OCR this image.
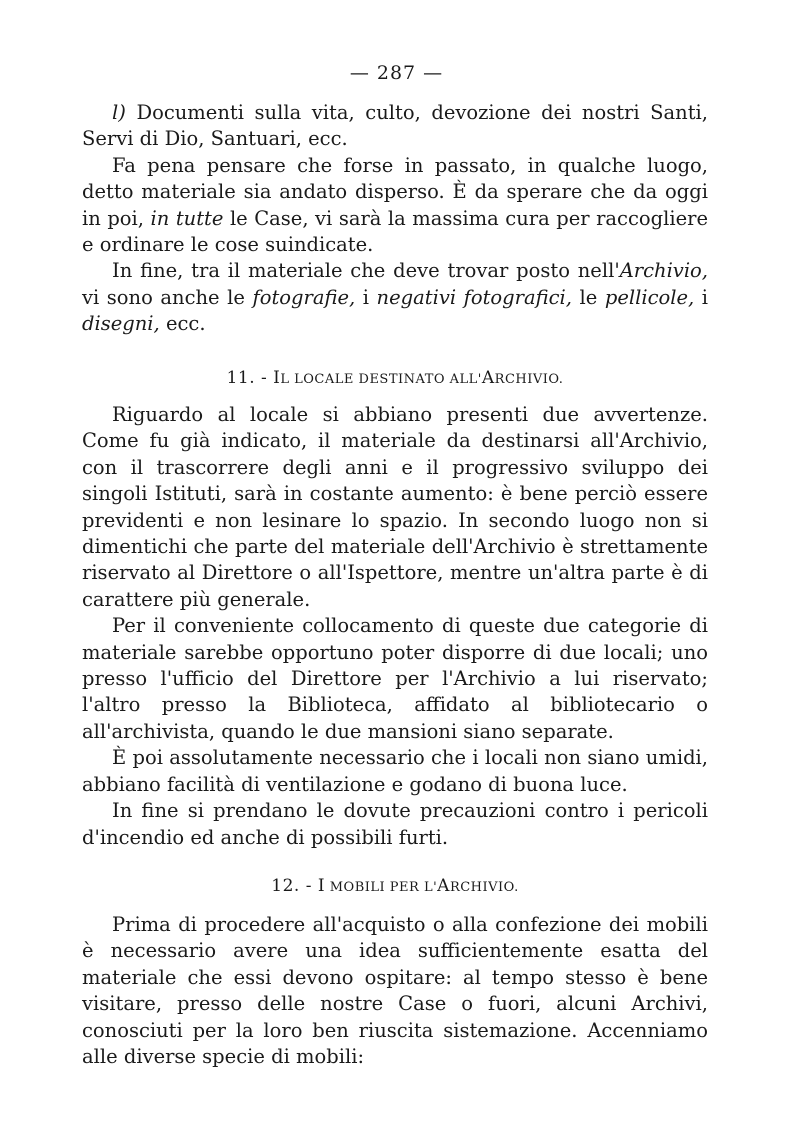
— 287 —

l) Documenti sulla vita, culto, devozione dei nostri Santi, Servi di Dio, Santuari, ecc.

Fa pena pensare che forse in passato, in qualche luogo, detto materiale sia andato disperso. È da sperare che da oggi in poi, in tutte le Case, vi sarà la massima cura per raccogliere e ordinare le cose suindicate.

In fine, tra il materiale che deve trovar posto nell'Archivio, vi sono anche le fotografie, i negativi fotografici, le pellicole, i disegni, ecc.

11. - IL LOCALE DESTINATO ALL'ARCHIVIO.

Riguardo al locale si abbiano presenti due avvertenze. Come fu già indicato, il materiale da destinarsi all'Archivio, con il trascorrere degli anni e il progressivo sviluppo dei singoli Istituti, sarà in costante aumento: è bene perciò essere previdenti e non lesinare lo spazio. In secondo luogo non si dimentichi che parte del materiale dell'Archivio è strettamente riservato al Direttore o all'Ispettore, mentre un'altra parte è di carattere più generale.

Per il conveniente collocamento di queste due categorie di materiale sarebbe opportuno poter disporre di due locali; uno presso l'ufficio del Direttore per l'Archivio a lui riservato; l'altro presso la Biblioteca, affidato al bibliotecario o all'archivista, quando le due mansioni siano separate.

È poi assolutamente necessario che i locali non siano umidi, abbiano facilità di ventilazione e godano di buona luce.

In fine si prendano le dovute precauzioni contro i pericoli d'incendio ed anche di possibili furti.

12. - I MOBILI PER L'ARCHIVIO.

Prima di procedere all'acquisto o alla confezione dei mobili è necessario avere una idea sufficientemente esatta del materiale che essi devono ospitare: al tempo stesso è bene visitare, presso delle nostre Case o fuori, alcuni Archivi, conosciuti per la loro ben riuscita sistemazione. Accenniamo alle diverse specie di mobili:
